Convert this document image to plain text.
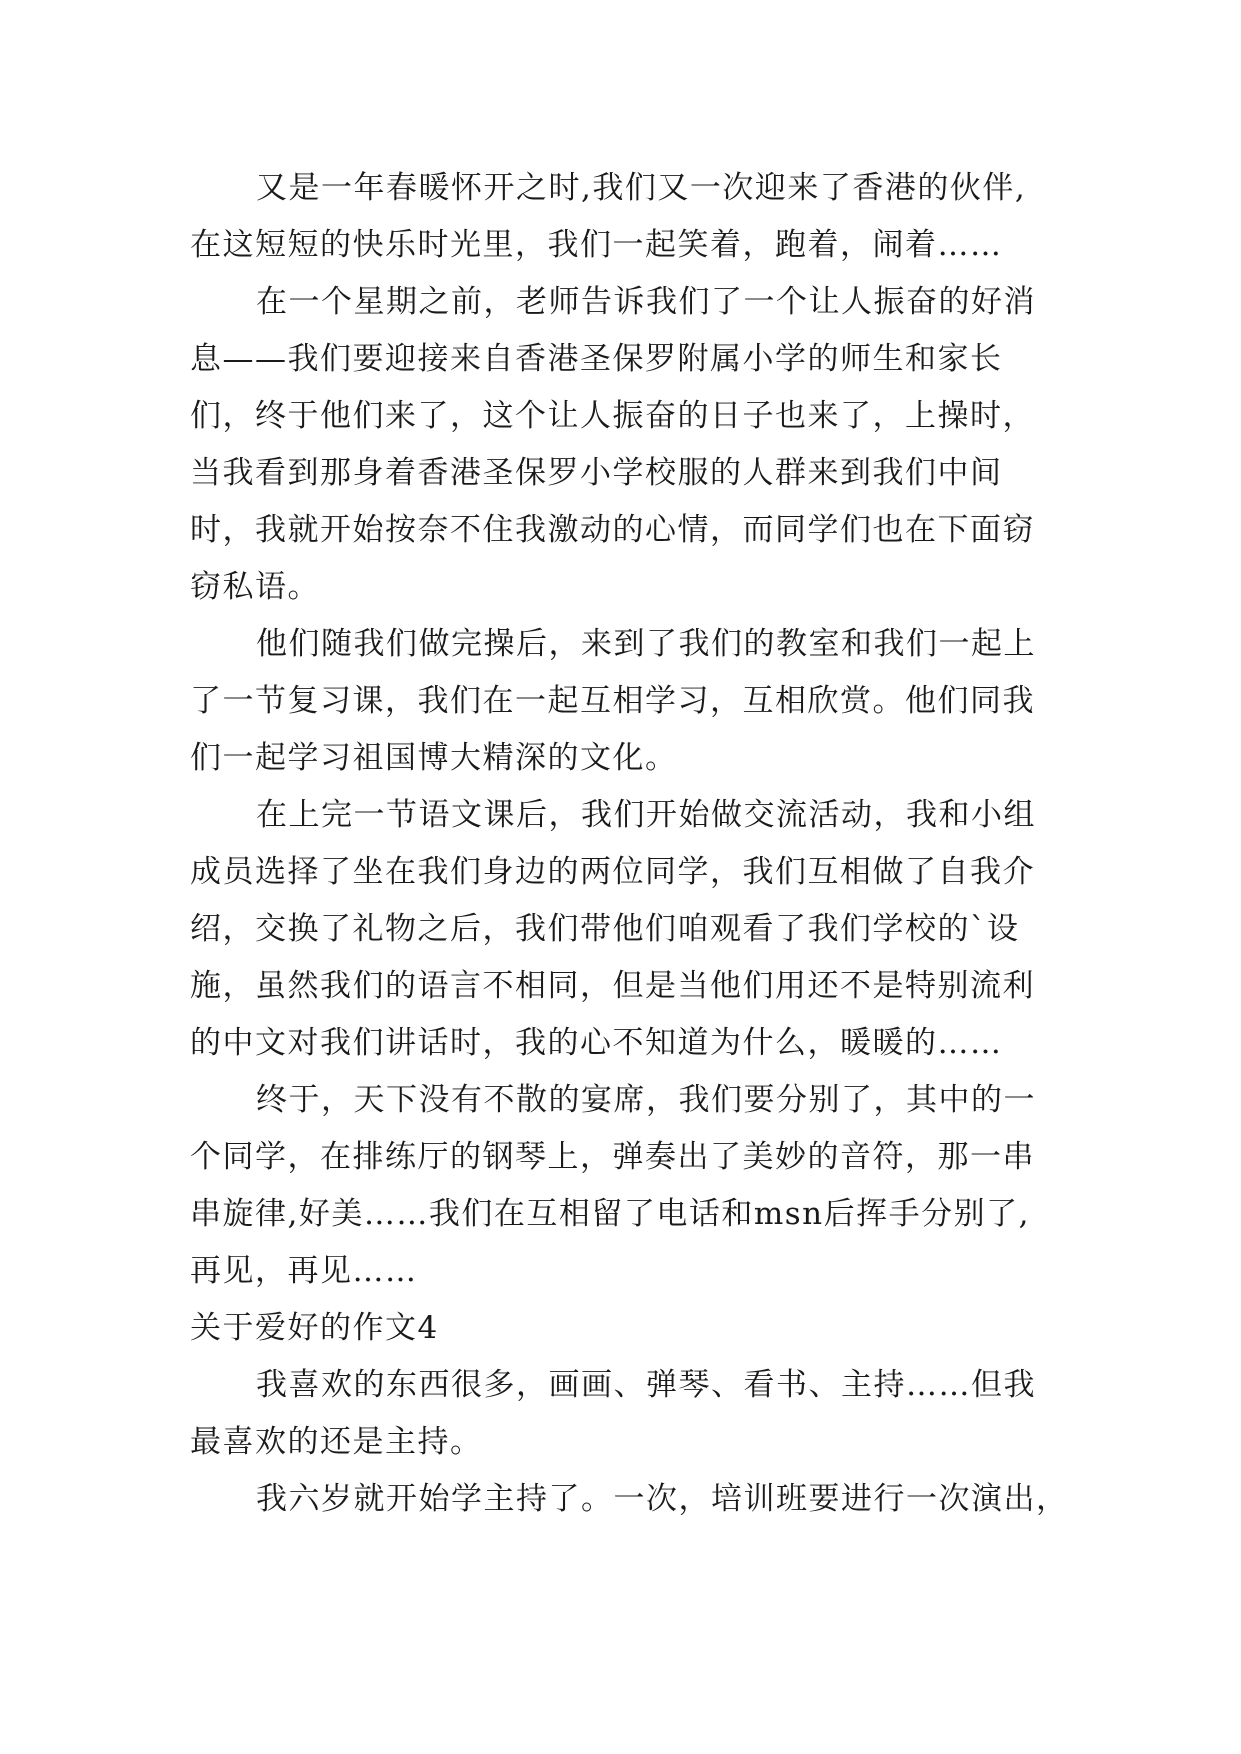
又是一年春暖怀开之时,我们又一次迎来了香港的伙伴,
在这短短的快乐时光里，我们一起笑着，跑着，闹着……
在一个星期之前，老师告诉我们了一个让人振奋的好消
息——我们要迎接来自香港圣保罗附属小学的师生和家长
们，终于他们来了，这个让人振奋的日子也来了，上操时，
当我看到那身着香港圣保罗小学校服的人群来到我们中间
时，我就开始按奈不住我激动的心情，而同学们也在下面窃
窃私语。
他们随我们做完操后，来到了我们的教室和我们一起上
了一节复习课，我们在一起互相学习，互相欣赏。他们同我
们一起学习祖国博大精深的文化。
在上完一节语文课后，我们开始做交流活动，我和小组
成员选择了坐在我们身边的两位同学，我们互相做了自我介
绍，交换了礼物之后，我们带他们咱观看了我们学校的`设
施，虽然我们的语言不相同，但是当他们用还不是特别流利
的中文对我们讲话时，我的心不知道为什么，暖暖的……
终于，天下没有不散的宴席，我们要分别了，其中的一
个同学，在排练厅的钢琴上，弹奏出了美妙的音符，那一串
串旋律,好美……我们在互相留了电话和msn后挥手分别了,
再见，再见……
关于爱好的作文4
我喜欢的东西很多，画画、弹琴、看书、主持……但我
最喜欢的还是主持。
我六岁就开始学主持了。一次，培训班要进行一次演出，
